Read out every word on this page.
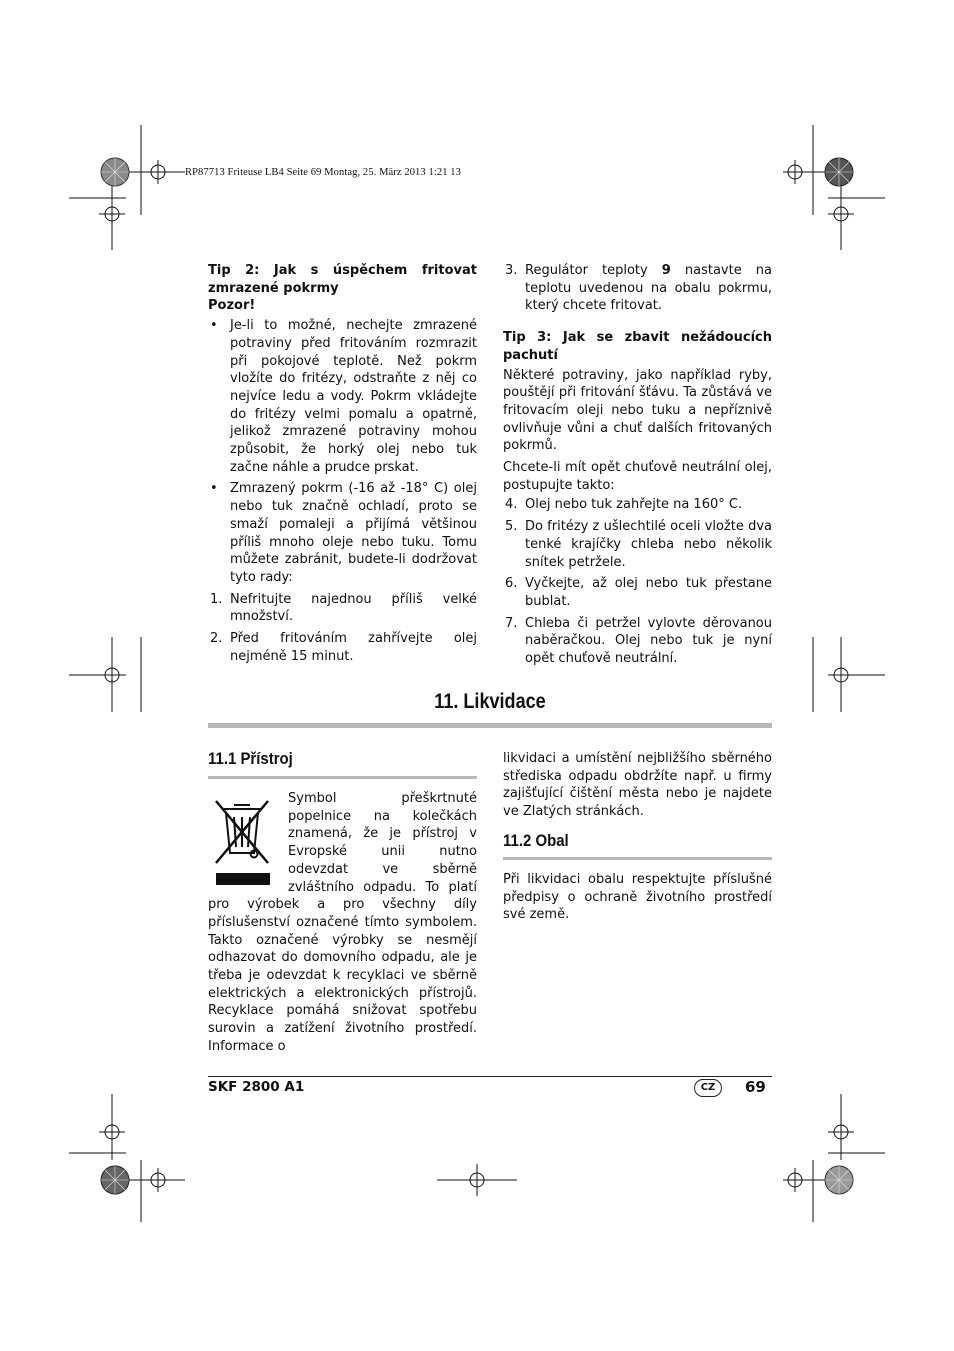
RP87713 Friteuse LB4 Seite 69 Montag, 25. März 2013 1:21 13

Tip 2: Jak s úspěchem fritovat zmrazené pokrmy

Pozor!

• Je-li to možné, nechejte zmrazené potraviny před fritováním rozmrazit při pokojové teplotě. Než pokrm vložíte do fritézy, odstraňte z něj co nejvíce ledu a vody. Pokrm vkládejte do fritézy velmi pomalu a opatrně, jelikož zmrazené potraviny mohou způsobit, že horký olej nebo tuk začne náhle a prudce prskat.
• Zmrazený pokrm (-16 až -18° C) olej nebo tuk značně ochladí, proto se smaží pomaleji a přijímá většinou příliš mnoho oleje nebo tuku. Tomu můžete zabránit, budete-li dodržovat tyto rady:
1. Nefritujte najednou příliš velké množství.
2. Před fritováním zahřívejte olej nejméně 15 minut.
3. Regulátor teploty 9 nastavte na teplotu uvedenou na obalu pokrmu, který chcete fritovat.

Tip 3: Jak se zbavit nežádoucích pachutí

Některé potraviny, jako například ryby, pouštějí při fritování šťávu. Ta zůstává ve fritovacím oleji nebo tuku a nepříznivě ovlivňuje vůni a chuť dalších fritovaných pokrmů.

Chcete-li mít opět chuťově neutrální olej, postupujte takto:

4. Olej nebo tuk zahřejte na 160° C.
5. Do fritézy z ušlechtilé oceli vložte dva tenké krajíčky chleba nebo několik snítek petržele.
6. Vyčkejte, až olej nebo tuk přestane bublat.
7. Chleba či petržel vylovte děrovanou naběračkou. Olej nebo tuk je nyní opět chuťově neutrální.
11. Likvidace
11.1 Přístroj

Symbol přeškrtnuté popelnice na kolečkách znamená, že je přístroj v Evropské unii nutno odevzdat ve sběrně zvláštního odpadu. To platí pro výrobek a pro všechny díly příslušenství označené tímto symbolem. Takto označené výrobky se nesmějí odhazovat do domovního odpadu, ale je třeba je odevzdat k recyklaci ve sběrně elektrických a elektronických přístrojů. Recyklace pomáhá snižovat spotřebu surovin a zatížení životního prostředí. Informace o

likvidaci a umístění nejbližšího sběrného střediska odpadu obdržíte např. u firmy zajišťující čištění města nebo je najdete ve Zlatých stránkách.

11.2 Obal

Při likvidaci obalu respektujte příslušné předpisy o ochraně životního prostředí své země.

SKF 2800 A1	CZ	69
